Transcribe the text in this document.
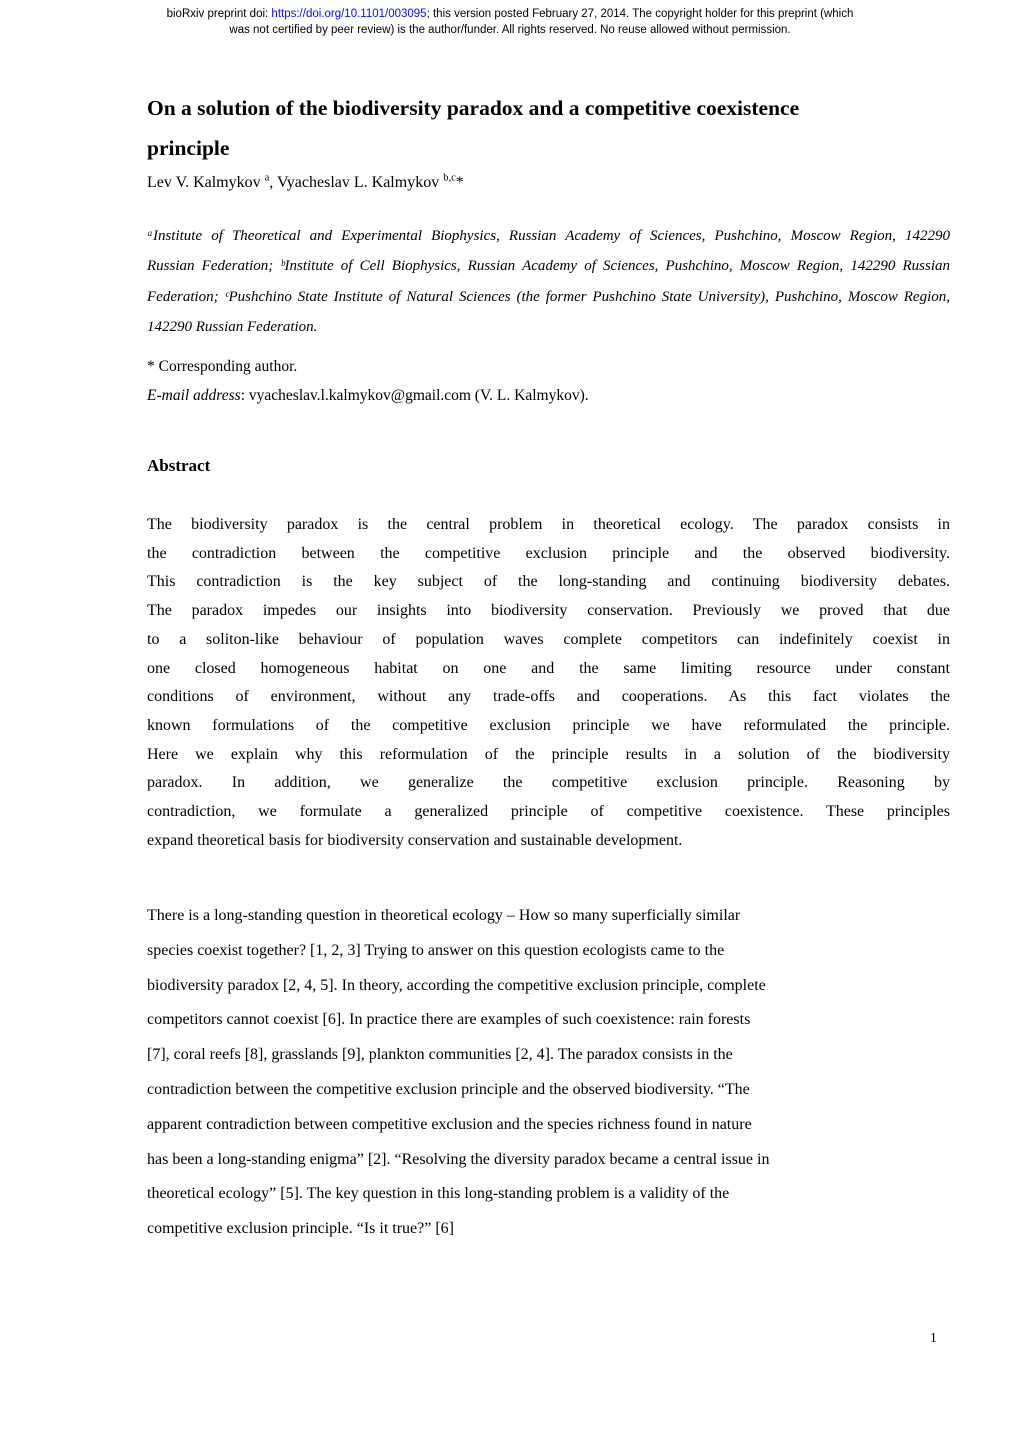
bioRxiv preprint doi: https://doi.org/10.1101/003095; this version posted February 27, 2014. The copyright holder for this preprint (which
was not certified by peer review) is the author/funder. All rights reserved. No reuse allowed without permission.
On a solution of the biodiversity paradox and a competitive coexistence
principle
Lev V. Kalmykov $^a$, Vyacheslav L. Kalmykov $^{b,c}$*
ᵃInstitute of Theoretical and Experimental Biophysics, Russian Academy of Sciences, Pushchino, Moscow Region, 142290
Russian Federation; ᵇInstitute of Cell Biophysics, Russian Academy of Sciences, Pushchino, Moscow Region, 142290 Russian
Federation; ᶜPushchino State Institute of Natural Sciences (the former Pushchino State University), Pushchino, Moscow Region,
142290 Russian Federation.
* Corresponding author.
E-mail address: vyacheslav.l.kalmykov@gmail.com (V. L. Kalmykov).
Abstract
The biodiversity paradox is the central problem in theoretical ecology. The paradox consists in
the contradiction between the competitive exclusion principle and the observed biodiversity.
This contradiction is the key subject of the long-standing and continuing biodiversity debates.
The paradox impedes our insights into biodiversity conservation. Previously we proved that due
to a soliton-like behaviour of population waves complete competitors can indefinitely coexist in
one closed homogeneous habitat on one and the same limiting resource under constant
conditions of environment, without any trade-offs and cooperations. As this fact violates the
known formulations of the competitive exclusion principle we have reformulated the principle.
Here we explain why this reformulation of the principle results in a solution of the biodiversity
paradox. In addition, we generalize the competitive exclusion principle. Reasoning by
contradiction, we formulate a generalized principle of competitive coexistence. These principles
expand theoretical basis for biodiversity conservation and sustainable development.
There is a long-standing question in theoretical ecology – How so many superficially similar
species coexist together? [1, 2, 3] Trying to answer on this question ecologists came to the
biodiversity paradox [2, 4, 5]. In theory, according the competitive exclusion principle, complete
competitors cannot coexist [6]. In practice there are examples of such coexistence: rain forests
[7], coral reefs [8], grasslands [9], plankton communities [2, 4]. The paradox consists in the
contradiction between the competitive exclusion principle and the observed biodiversity. “The
apparent contradiction between competitive exclusion and the species richness found in nature
has been a long-standing enigma” [2]. “Resolving the diversity paradox became a central issue in
theoretical ecology” [5]. The key question in this long-standing problem is a validity of the
competitive exclusion principle. “Is it true?” [6]
1
